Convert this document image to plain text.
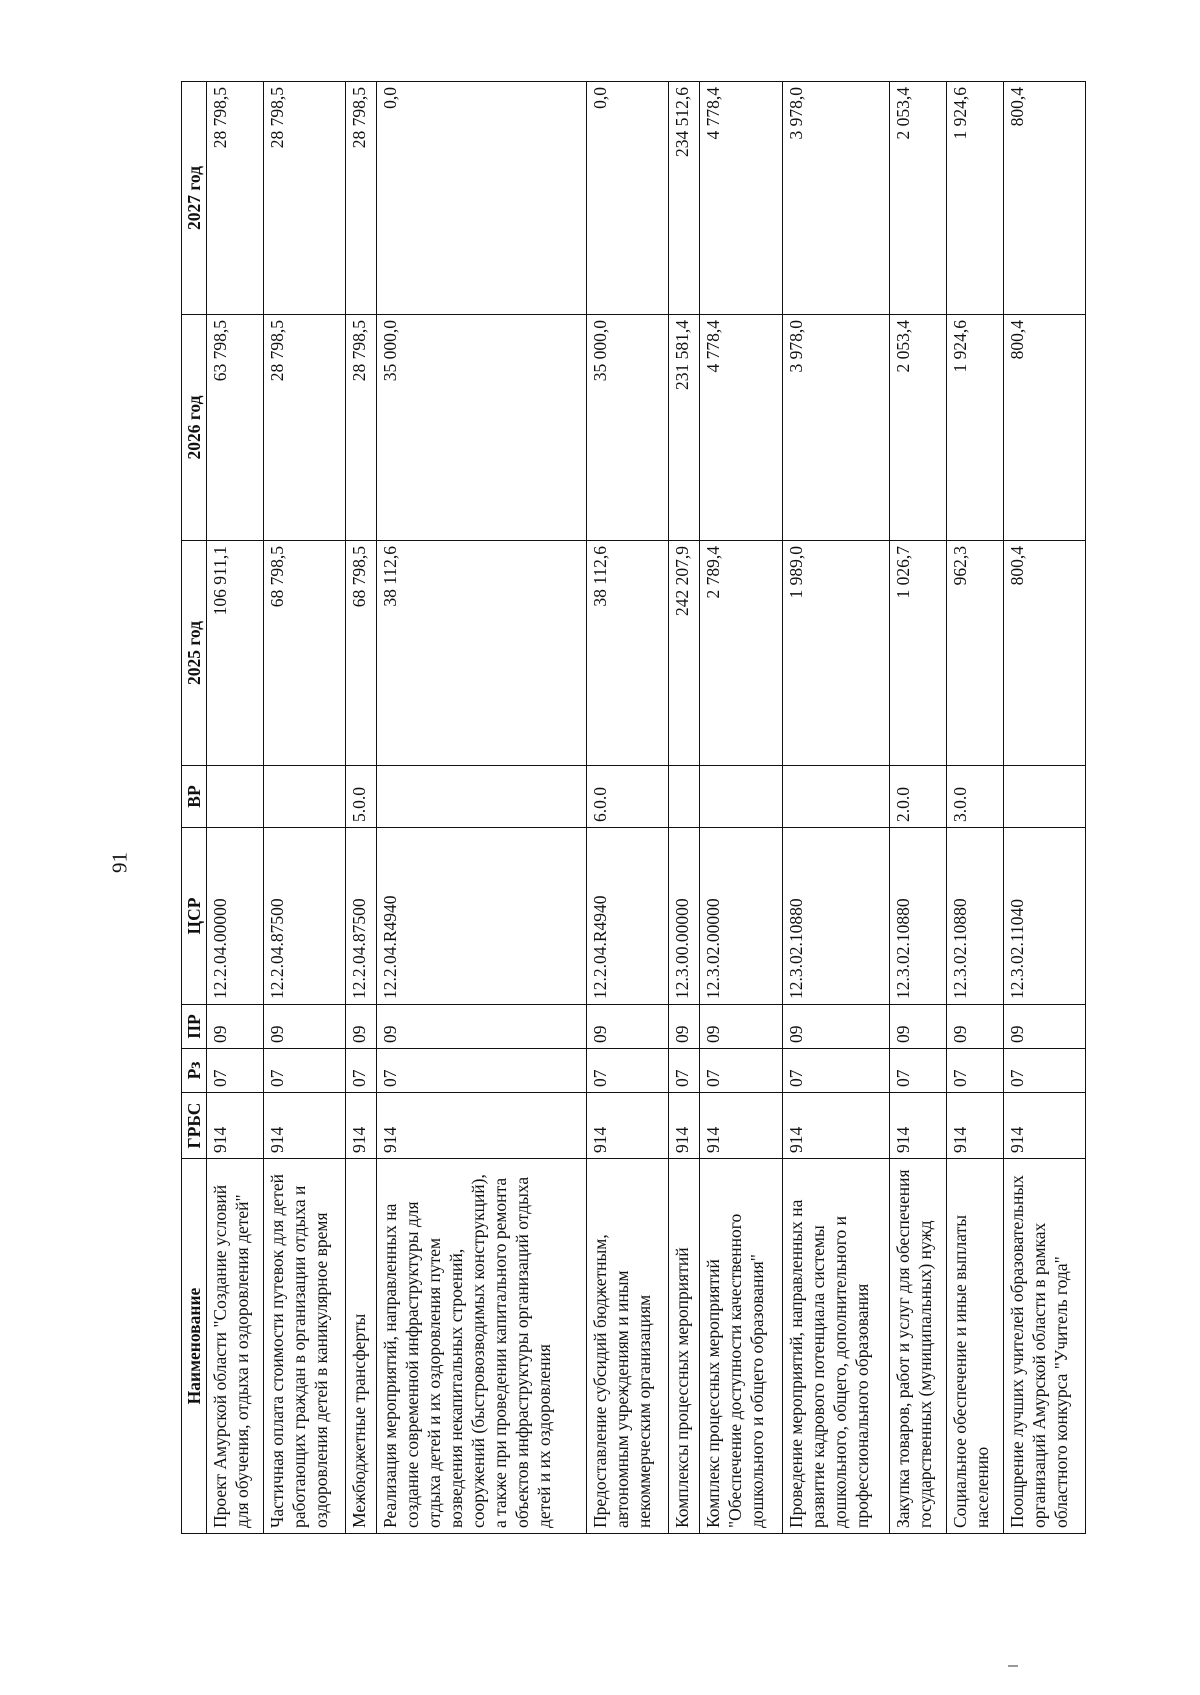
91
Наименование	ГРБС	Рз	ПР	ЦСР	ВР	2025 год	2026 год	2027 год
Проект Амурской области "Создание условий для обучения, отдыха и оздоровления детей"	914	07	09	12.2.04.00000		106 911,1	63 798,5	28 798,5
Частичная оплата стоимости путевок для детей работающих граждан в организации отдыха и оздоровления детей в каникулярное время	914	07	09	12.2.04.87500		68 798,5	28 798,5	28 798,5
Межбюджетные трансферты	914	07	09	12.2.04.87500	5.0.0	68 798,5	28 798,5	28 798,5
Реализация мероприятий, направленных на создание современной инфраструктуры для отдыха детей и их оздоровления путем возведения некапитальных строений, сооружений (быстровозводимых конструкций), а также при проведении капитального ремонта объектов инфраструктуры организаций отдыха детей и их оздоровления	914	07	09	12.2.04.R4940		38 112,6	35 000,0	0,0
Предоставление субсидий бюджетным, автономным учреждениям и иным некоммерческим организациям	914	07	09	12.2.04.R4940	6.0.0	38 112,6	35 000,0	0,0
Комплексы процессных мероприятий	914	07	09	12.3.00.00000		242 207,9	231 581,4	234 512,6
Комплекс процессных мероприятий "Обеспечение доступности качественного дошкольного и общего образования"	914	07	09	12.3.02.00000		2 789,4	4 778,4	4 778,4
Проведение мероприятий, направленных на развитие кадрового потенциала системы дошкольного, общего, дополнительного и профессионального образования	914	07	09	12.3.02.10880		1 989,0	3 978,0	3 978,0
Закупка товаров, работ и услуг для обеспечения государственных (муниципальных) нужд	914	07	09	12.3.02.10880	2.0.0	1 026,7	2 053,4	2 053,4
Социальное обеспечение и иные выплаты населению	914	07	09	12.3.02.10880	3.0.0	962,3	1 924,6	1 924,6
Поощрение лучших учителей образовательных организаций Амурской области в рамках областного конкурса "Учитель года"	914	07	09	12.3.02.11040		800,4	800,4	800,4
